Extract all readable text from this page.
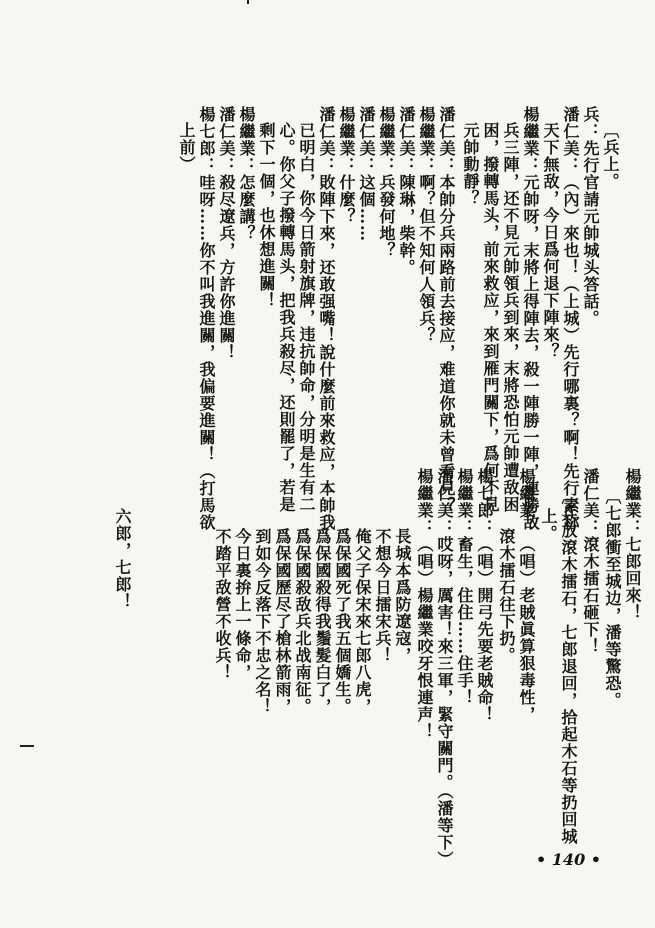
〔兵上。
兵：先行官請元帥城头答話。
潘仁美：（內）來也！（上城）先行哪裏？啊！先行素称
天下無敌，今日爲何退下陣來？
楊繼業：元帥呀，末將上得陣去，殺一陣勝一陣，連勝敌
兵三陣，还不見元帥領兵到來，末將恐怕元帥遭敌困
困，撥轉馬头，前來救应，來到雁門關下，爲何不見
元帥動靜？
潘仁美：本帥分兵兩路前去接应，难道你就未曾看見？
楊繼業：啊？但不知何人領兵？
潘仁美：陳琳，柴幹。
楊繼業：兵發何地？
潘仁美：这個……
楊繼業：什麼？
潘仁美：敗陣下來，还敢强嘴！說什麼前來救应，本帥我
已明白，你今日箭射旗牌，违抗帥命，分明是生有二
心。你父子撥轉馬头，把我兵殺尽，还則罷了，若是
剩下一個，也休想進關！
楊繼業：怎麼講？
潘仁美：殺尽遼兵，方許你進關！
楊七郎：哇呀……你不叫我進關，我偏要進關！（打馬欲
上前）
楊繼業：七郎回來！
〔七郎衝至城边，潘等驚恐。
潘仁美：滾木擂石砸下！
〔兵放滾木擂石，七郎退回，拾起木石等扔回城
上。
楊繼業：（唱）老賊眞算狠毒性，
滾木擂石往下扔。
楊七郎：（唱）開弓先要老賊命！
楊繼業：畜生，住住……住手！
潘仁美：哎呀，厲害！來三軍，緊守關門。（潘等下）
楊繼業：（唱）楊繼業咬牙恨連声！
長城本爲防遼寇，
不想今日擂宋兵！
俺父子保宋來七郎八虎，
爲保國死了我五個嬌生。
爲保國殺得我鬚髮白了，
爲保國殺敌兵北战南征。
爲保國歷尽了槍林箭雨，
到如今反落下不忠之名！
今日裏拚上一條命，
不踏平敌營不收兵！
六郎，七郎！
• 140 •
